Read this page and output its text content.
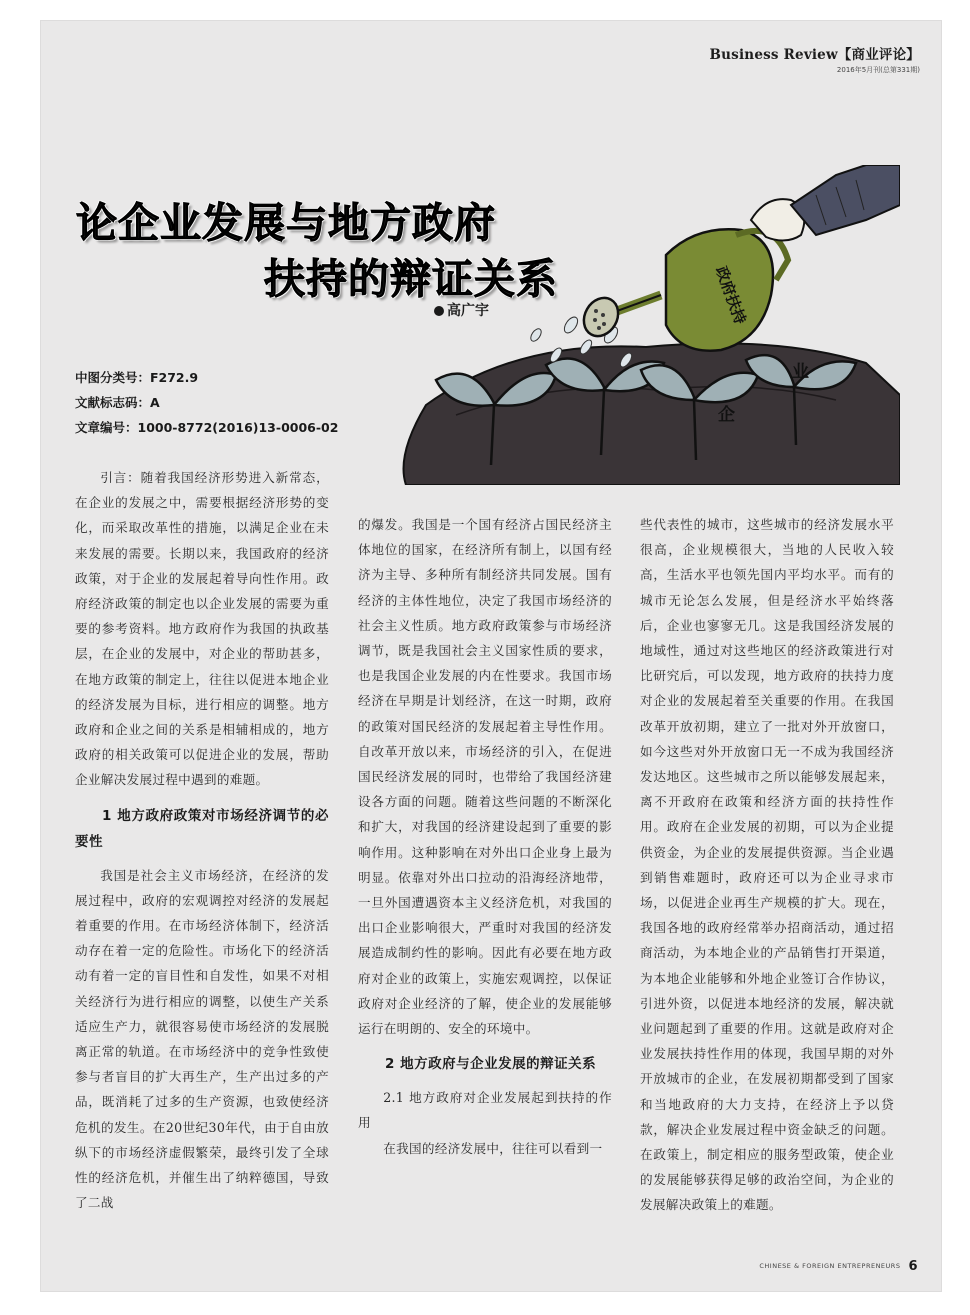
Business Review【商业评论】
2016年5月刊(总第331期)
企
业
政府扶持
论企业发展与地方政府
扶持的辩证关系
高广宇
中图分类号：F272.9
文献标志码：A
文章编号：1000-8772(2016)13-0006-02

引言：随着我国经济形势进入新常态，在企业的发展之中，需要根据经济形势的变化，而采取改革性的措施，以满足企业在未来发展的需要。长期以来，我国政府的经济政策，对于企业的发展起着导向性作用。政府经济政策的制定也以企业发展的需要为重要的参考资料。地方政府作为我国的执政基层，在企业的发展中，对企业的帮助甚多，在地方政策的制定上，往往以促进本地企业的经济发展为目标，进行相应的调整。地方政府和企业之间的关系是相辅相成的，地方政府的相关政策可以促进企业的发展，帮助企业解决发展过程中遇到的难题。

1 地方政府政策对市场经济调节的必要性

我国是社会主义市场经济，在经济的发展过程中，政府的宏观调控对经济的发展起着重要的作用。在市场经济体制下，经济活动存在着一定的危险性。市场化下的经济活动有着一定的盲目性和自发性，如果不对相关经济行为进行相应的调整，以使生产关系适应生产力，就很容易使市场经济的发展脱离正常的轨道。在市场经济中的竞争性致使参与者盲目的扩大再生产，生产出过多的产品，既消耗了过多的生产资源，也致使经济危机的发生。在20世纪30年代，由于自由放纵下的市场经济虚假繁荣，最终引发了全球性的经济危机，并催生出了纳粹德国，导致了二战

的爆发。我国是一个国有经济占国民经济主体地位的国家，在经济所有制上，以国有经济为主导、多种所有制经济共同发展。国有经济的主体性地位，决定了我国市场经济的社会主义性质。地方政府政策参与市场经济调节，既是我国社会主义国家性质的要求，也是我国企业发展的内在性要求。我国市场经济在早期是计划经济，在这一时期，政府的政策对国民经济的发展起着主导性作用。自改革开放以来，市场经济的引入，在促进国民经济发展的同时，也带给了我国经济建设各方面的问题。随着这些问题的不断深化和扩大，对我国的经济建设起到了重要的影响作用。这种影响在对外出口企业身上最为明显。依靠对外出口拉动的沿海经济地带，一旦外国遭遇资本主义经济危机，对我国的出口企业影响很大，严重时对我国的经济发展造成制约性的影响。因此有必要在地方政府对企业的政策上，实施宏观调控，以保证政府对企业经济的了解，使企业的发展能够运行在明朗的、安全的环境中。

2 地方政府与企业发展的辩证关系
2.1 地方政府对企业发展起到扶持的作用

在我国的经济发展中，往往可以看到一

些代表性的城市，这些城市的经济发展水平很高，企业规模很大，当地的人民收入较高，生活水平也领先国内平均水平。而有的城市无论怎么发展，但是经济水平始终落后，企业也寥寥无几。这是我国经济发展的地域性，通过对这些地区的经济政策进行对比研究后，可以发现，地方政府的扶持力度对企业的发展起着至关重要的作用。在我国改革开放初期，建立了一批对外开放窗口，如今这些对外开放窗口无一不成为我国经济发达地区。这些城市之所以能够发展起来，离不开政府在政策和经济方面的扶持性作用。政府在企业发展的初期，可以为企业提供资金，为企业的发展提供资源。当企业遇到销售难题时，政府还可以为企业寻求市场，以促进企业再生产规模的扩大。现在，我国各地的政府经常举办招商活动，通过招商活动，为本地企业的产品销售打开渠道，为本地企业能够和外地企业签订合作协议，引进外资，以促进本地经济的发展，解决就业问题起到了重要的作用。这就是政府对企业发展扶持性作用的体现，我国早期的对外开放城市的企业，在发展初期都受到了国家和当地政府的大力支持，在经济上予以贷款，解决企业发展过程中资金缺乏的问题。在政策上，制定相应的服务型政策，使企业的发展能够获得足够的政治空间，为企业的发展解决政策上的难题。

CHINESE & FOREIGN ENTREPRENEURS 6
